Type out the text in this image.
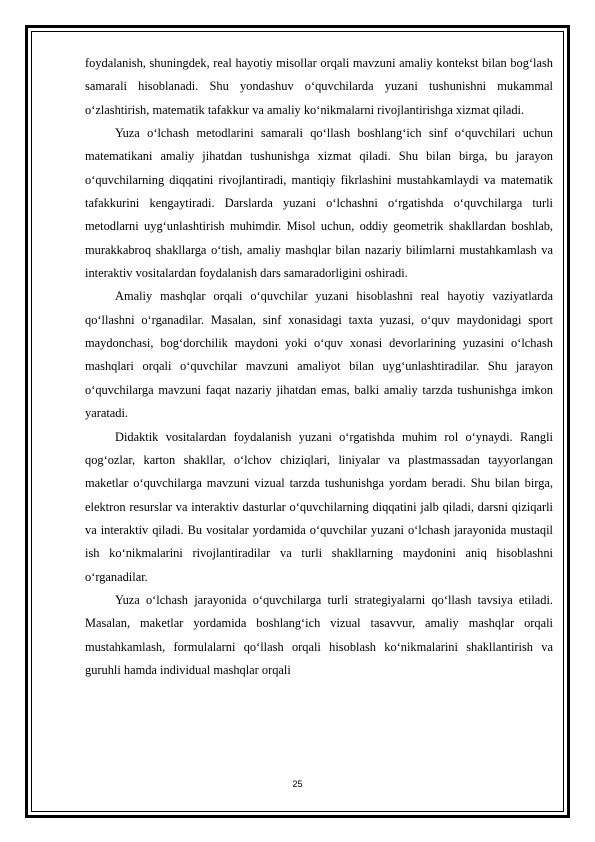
foydalanish, shuningdek, real hayotiy misollar orqali mavzuni amaliy kontekst bilan bog‘lash samarali hisoblanadi. Shu yondashuv o‘quvchilarda yuzani tushunishni mukammal o‘zlashtirish, matematik tafakkur va amaliy ko‘nikmalarni rivojlantirishga xizmat qiladi.

Yuza o‘lchash metodlarini samarali qo‘llash boshlang‘ich sinf o‘quvchilari uchun matematikani amaliy jihatdan tushunishga xizmat qiladi. Shu bilan birga, bu jarayon o‘quvchilarning diqqatini rivojlantiradi, mantiqiy fikrlashini mustahkamlaydi va matematik tafakkurini kengaytiradi. Darslarda yuzani o‘lchashni o‘rgatishda o‘quvchilarga turli metodlarni uyg‘unlashtirish muhimdir. Misol uchun, oddiy geometrik shakllardan boshlab, murakkabroq shakllarga o‘tish, amaliy mashqlar bilan nazariy bilimlarni mustahkamlash va interaktiv vositalardan foydalanish dars samaradorligini oshiradi.

Amaliy mashqlar orqali o‘quvchilar yuzani hisoblashni real hayotiy vaziyatlarda qo‘llashni o‘rganadilar. Masalan, sinf xonasidagi taxta yuzasi, o‘quv maydonidagi sport maydonchasi, bog‘dorchilik maydoni yoki o‘quv xonasi devorlarining yuzasini o‘lchash mashqlari orqali o‘quvchilar mavzuni amaliyot bilan uyg‘unlashtiradilar. Shu jarayon o‘quvchilarga mavzuni faqat nazariy jihatdan emas, balki amaliy tarzda tushunishga imkon yaratadi.

Didaktik vositalardan foydalanish yuzani o‘rgatishda muhim rol o‘ynaydi. Rangli qog‘ozlar, karton shakllar, o‘lchov chiziqlari, liniyalar va plastmassadan tayyorlangan maketlar o‘quvchilarga mavzuni vizual tarzda tushunishga yordam beradi. Shu bilan birga, elektron resurslar va interaktiv dasturlar o‘quvchilarning diqqatini jalb qiladi, darsni qiziqarli va interaktiv qiladi. Bu vositalar yordamida o‘quvchilar yuzani o‘lchash jarayonida mustaqil ish ko‘nikmalarini rivojlantiradilar va turli shakllarning maydonini aniq hisoblashni o‘rganadilar.

Yuza o‘lchash jarayonida o‘quvchilarga turli strategiyalarni qo‘llash tavsiya etiladi. Masalan, maketlar yordamida boshlang‘ich vizual tasavvur, amaliy mashqlar orqali mustahkamlash, formulalarni qo‘llash orqali hisoblash ko‘nikmalarini shakllantirish va guruhli hamda individual mashqlar orqali

25
